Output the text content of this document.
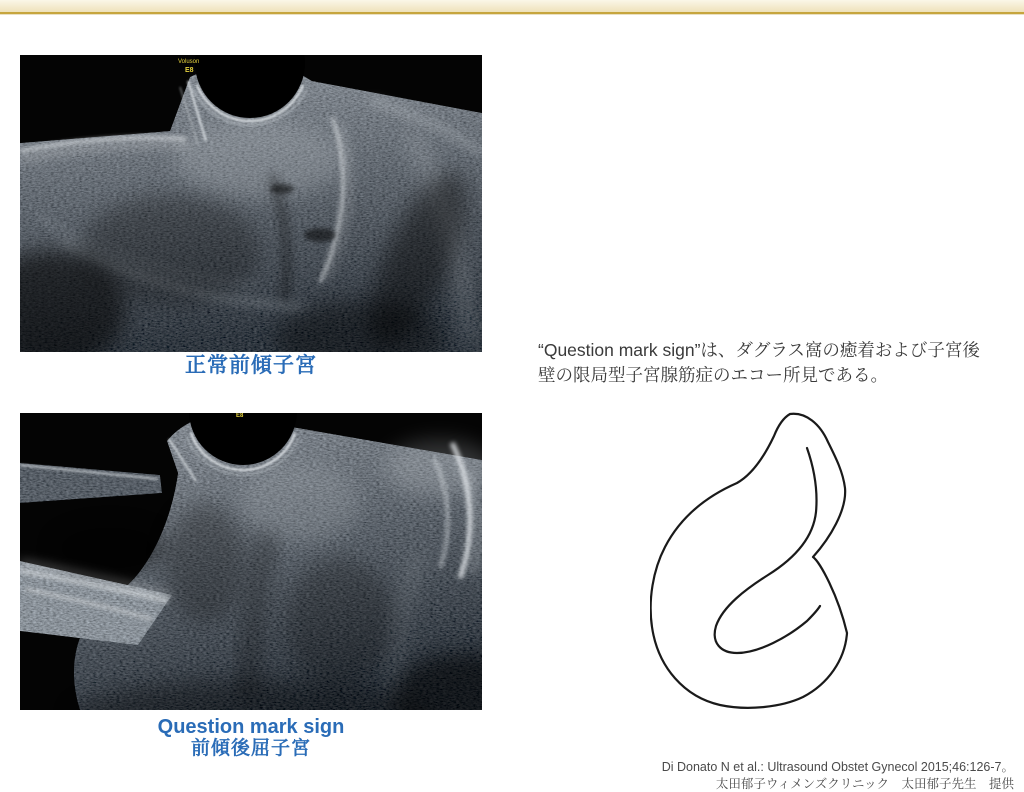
Voluson
E8
正常前傾子宮
“Question mark sign”は、ダグラス窩の癒着および子宮後
壁の限局型子宮腺筋症のエコー所見である。
E8
Question mark sign
前傾後屈子宮
Di Donato N et al.: Ultrasound Obstet Gynecol 2015;46:126-7。
太田郁子ウィメンズクリニック　太田郁子先生　提供
